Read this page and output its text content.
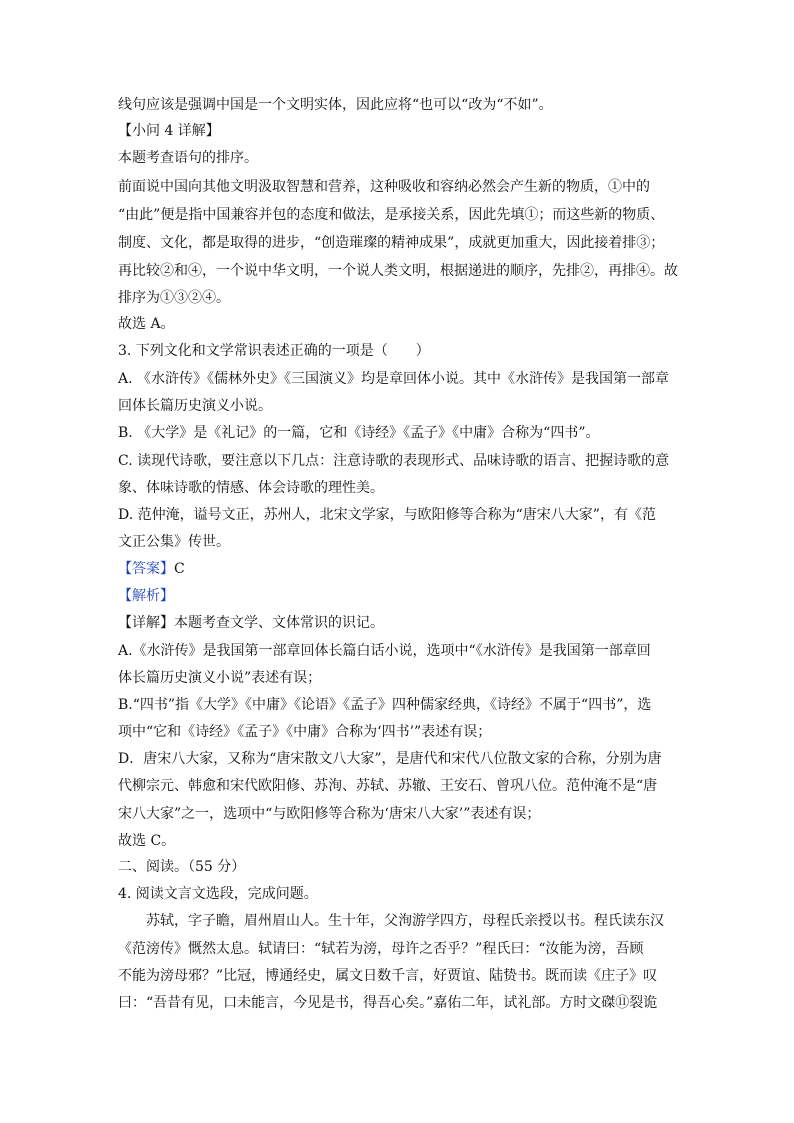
线句应该是强调中国是一个文明实体，因此应将“也可以“改为“不如”。
【小问 4 详解】
本题考查语句的排序。
前面说中国向其他文明汲取智慧和营养，这种吸收和容纳必然会产生新的物质，①中的
“由此”便是指中国兼容并包的态度和做法，是承接关系，因此先填①；而这些新的物质、
制度、文化，都是取得的进步，“创造璀璨的精神成果”，成就更加重大，因此接着排③；
再比较②和④，一个说中华文明，一个说人类文明，根据递进的顺序，先排②，再排④。故
排序为①③②④。
故选 A。
3. 下列文化和文学常识表述正确的一项是（　　）
A. 《水浒传》《儒林外史》《三国演义》均是章回体小说。其中《水浒传》是我国第一部章
回体长篇历史演义小说。
B. 《大学》是《礼记》的一篇，它和《诗经》《孟子》《中庸》合称为“四书”。
C. 读现代诗歌，要注意以下几点：注意诗歌的表现形式、品味诗歌的语言、把握诗歌的意
象、体味诗歌的情感、体会诗歌的理性美。
D. 范仲淹，谥号文正，苏州人，北宋文学家，与欧阳修等合称为“唐宋八大家”，有《范
文正公集》传世。
【答案】C
【解析】
【详解】本题考查文学、文体常识的识记。
A.《水浒传》是我国第一部章回体长篇白话小说，选项中“《水浒传》是我国第一部章回
体长篇历史演义小说”表述有误；
B.“四书”指《大学》《中庸》《论语》《孟子》四种儒家经典，《诗经》不属于“四书”，选
项中“它和《诗经》《孟子》《中庸》合称为‘四书’”表述有误；
D．唐宋八大家，又称为“唐宋散文八大家”，是唐代和宋代八位散文家的合称，分别为唐
代柳宗元、韩愈和宋代欧阳修、苏洵、苏轼、苏辙、王安石、曾巩八位。范仲淹不是“唐
宋八大家”之一，选项中“与欧阳修等合称为‘唐宋八大家’”表述有误；
故选 C。
二、阅读。（55 分）
4. 阅读文言文选段，完成问题。
苏轼，字子瞻，眉州眉山人。生十年，父洵游学四方，母程氏亲授以书。程氏读东汉
《范滂传》慨然太息。轼请曰：“轼若为滂，母许之否乎？”程氏曰：“汝能为滂，吾顾
不能为滂母邪？”比冠，博通经史，属文日数千言，好贾谊、陆贽书。既而读《庄子》叹
曰：“吾昔有见，口未能言，今见是书，得吾心矣。”嘉佑二年，试礼部。方时文磔⑪裂诡
